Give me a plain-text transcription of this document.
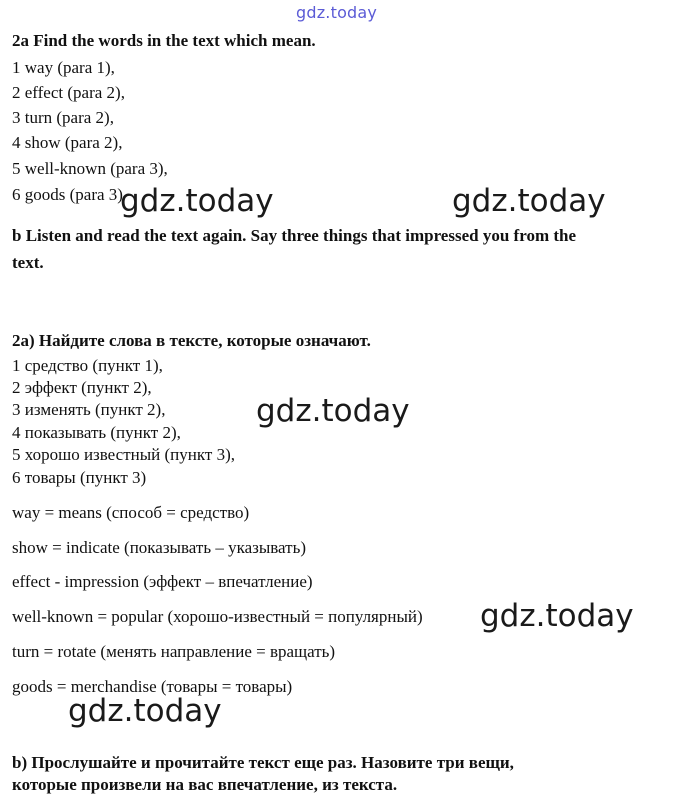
gdz.today
2a Find the words in the text which mean.
1 way (para 1),
2 effect (para 2),
3 turn (para 2),
4 show (para 2),
5 well-known (para 3),
6 goods (para 3)
gdz.today	gdz.today
b Listen and read the text again. Say three things that impressed you from the
text.
2а) Найдите слова в тексте, которые означают.
1 средство (пункт 1),
2 эффект (пункт 2),
3 изменять (пункт 2),
4 показывать (пункт 2),
5 хорошо известный (пункт 3),
6 товары (пункт 3)
gdz.today
way = means (способ = средство)
show = indicate (показывать – указывать)
effect - impression (эффект – впечатление)
well-known = popular (хорошо-известный = популярный)
turn = rotate (менять направление = вращать)
goods = merchandise (товары = товары)
gdz.today
gdz.today
b) Прослушайте и прочитайте текст еще раз. Назовите три вещи,
которые произвели на вас впечатление, из текста.
